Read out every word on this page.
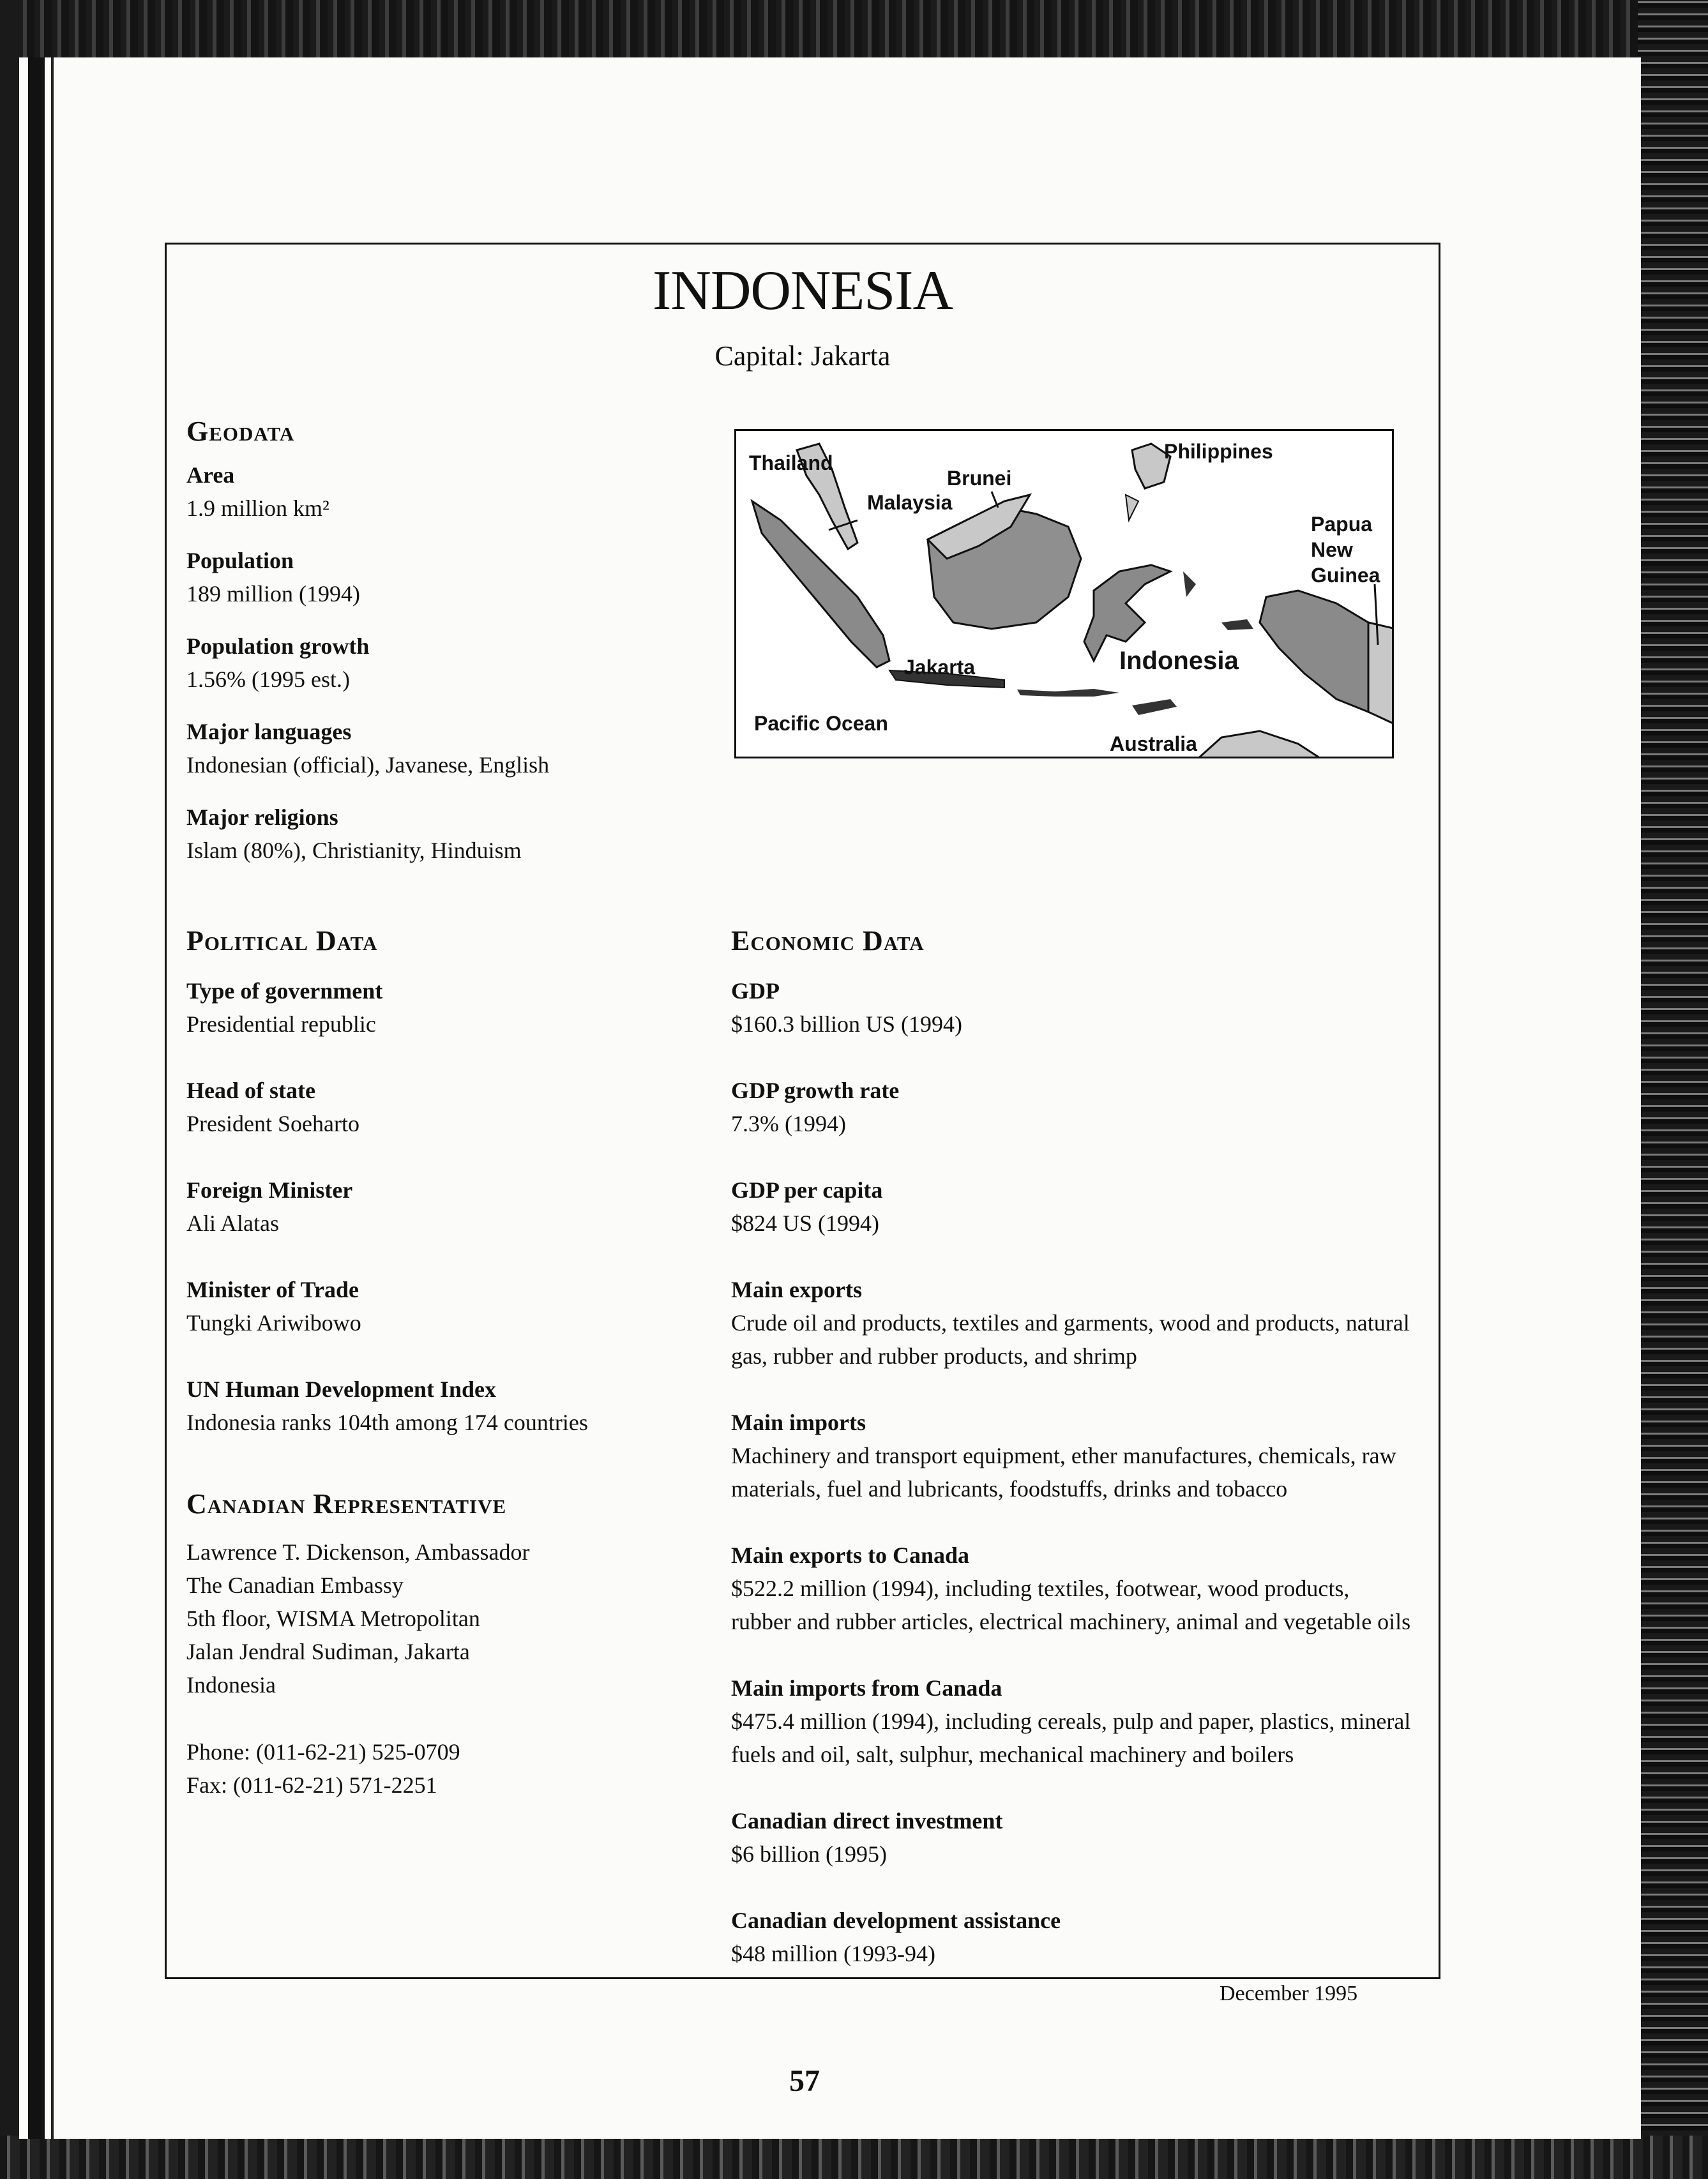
INDONESIA
Capital: Jakarta
Geodata
Area
1.9 million km²
Population
189 million (1994)
Population growth
1.56% (1995 est.)
Major languages
Indonesian (official), Javanese, English
Major religions
Islam (80%), Christianity, Hinduism
Thailand
Brunei
Malaysia
Philippines
Papua
New
Guinea
Jakarta	Indonesia
Pacific Ocean
Australia
Political Data
Type of government
Presidential republic
Head of state
President Soeharto
Foreign Minister
Ali Alatas
Minister of Trade
Tungki Ariwibowo
UN Human Development Index
Indonesia ranks 104th among 174 countries
Canadian Representative
Lawrence T. Dickenson, Ambassador
The Canadian Embassy
5th floor, WISMA Metropolitan
Jalan Jendral Sudiman, Jakarta
Indonesia
Phone: (011-62-21) 525-0709
Fax: (011-62-21) 571-2251
Economic Data
GDP
$160.3 billion US (1994)
GDP growth rate
7.3% (1994)
GDP per capita
$824 US (1994)
Main exports
Crude oil and products, textiles and garments, wood and products, natural gas, rubber and rubber products, and shrimp
Main imports
Machinery and transport equipment, ether manufactures, chemicals, raw materials, fuel and lubricants, foodstuffs, drinks and tobacco
Main exports to Canada
$522.2 million (1994), including textiles, footwear, wood products, rubber and rubber articles, electrical machinery, animal and vegetable oils
Main imports from Canada
$475.4 million (1994), including cereals, pulp and paper, plastics, mineral fuels and oil, salt, sulphur, mechanical machinery and boilers
Canadian direct investment
$6 billion (1995)
Canadian development assistance
$48 million (1993-94)
December 1995
57
